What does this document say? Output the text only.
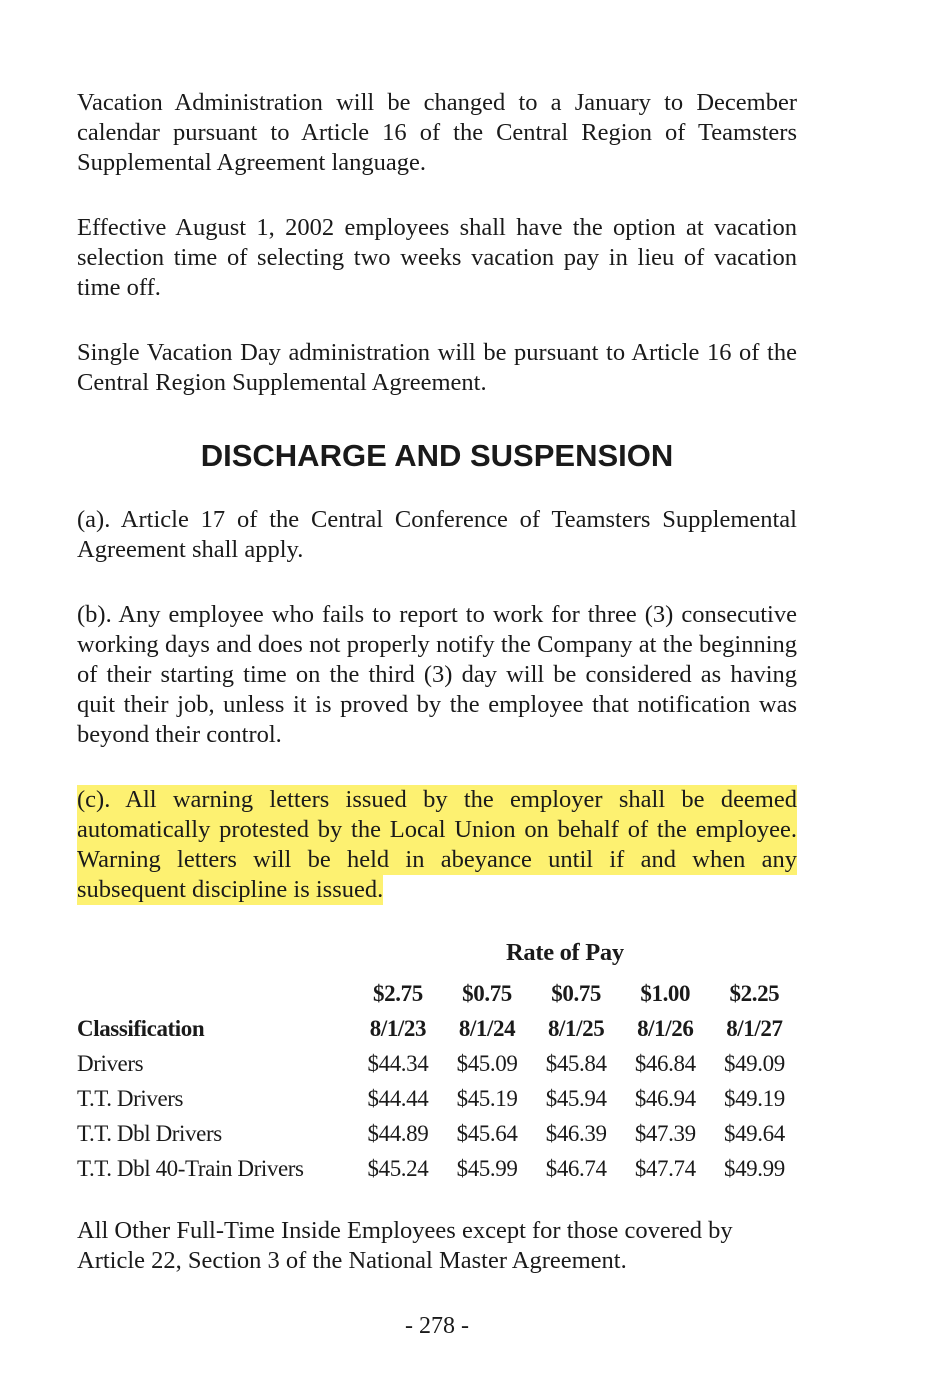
Vacation Administration will be changed to a January to December calendar pursuant to Article 16 of the Central Region of Teamsters Supplemental Agreement language.

Effective August 1, 2002 employees shall have the option at vacation selection time of selecting two weeks vacation pay in lieu of vacation time off.

Single Vacation Day administration will be pursuant to Article 16 of the Central Region Supplemental Agreement.

DISCHARGE AND SUSPENSION

(a). Article 17 of the Central Conference of Teamsters Supplemental Agreement shall apply.

(b). Any employee who fails to report to work for three (3) consecutive working days and does not properly notify the Company at the beginning of their starting time on the third (3) day will be considered as having quit their job, unless it is proved by the employee that notification was beyond their control.

(c). All warning letters issued by the employer shall be deemed automatically protested by the Local Union on behalf of the employee. Warning letters will be held in abeyance until if and when any subsequent discipline is issued.

Rate of Pay
	$2.75	$0.75	$0.75	$1.00	$2.25
Classification	8/1/23	8/1/24	8/1/25	8/1/26	8/1/27
Drivers	$44.34	$45.09	$45.84	$46.84	$49.09
T.T. Drivers	$44.44	$45.19	$45.94	$46.94	$49.19
T.T. Dbl Drivers	$44.89	$45.64	$46.39	$47.39	$49.64
T.T. Dbl 40-Train Drivers	$45.24	$45.99	$46.74	$47.74	$49.99

All Other Full-Time Inside Employees except for those covered by Article 22, Section 3 of the National Master Agreement.

- 278 -
